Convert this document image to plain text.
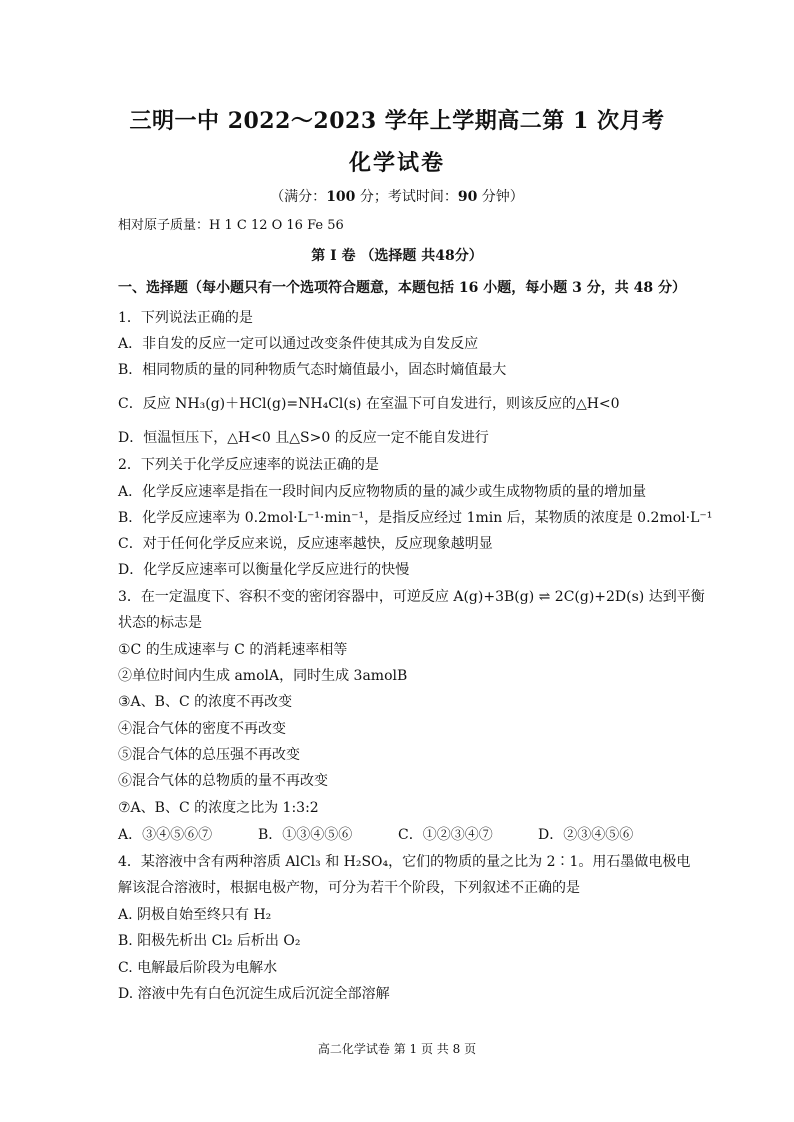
三明一中 2022～2023 学年上学期高二第 1 次月考
化学试卷
（满分：100 分；考试时间：90 分钟）
相对原子质量：H 1 C 12 O 16 Fe 56
第 I 卷 （选择题 共48分）
一、选择题（每小题只有一个选项符合题意，本题包括 16 小题，每小题 3 分，共 48 分）
1．下列说法正确的是
A．非自发的反应一定可以通过改变条件使其成为自发反应
B．相同物质的量的同种物质气态时熵值最小，固态时熵值最大
C．反应 NH₃(g)＋HCl(g)=NH₄Cl(s) 在室温下可自发进行，则该反应的△H<0
D．恒温恒压下，△H<0 且△S>0 的反应一定不能自发进行
2．下列关于化学反应速率的说法正确的是
A．化学反应速率是指在一段时间内反应物物质的量的减少或生成物物质的量的增加量
B．化学反应速率为 0.2mol·L⁻¹·min⁻¹，是指反应经过 1min 后，某物质的浓度是 0.2mol·L⁻¹
C．对于任何化学反应来说，反应速率越快，反应现象越明显
D．化学反应速率可以衡量化学反应进行的快慢
3．在一定温度下、容积不变的密闭容器中，可逆反应 A(g)+3B(g) ⇌ 2C(g)+2D(s) 达到平衡
状态的标志是
①C 的生成速率与 C 的消耗速率相等
②单位时间内生成 amolA，同时生成 3amolB
③A、B、C 的浓度不再改变
④混合气体的密度不再改变
⑤混合气体的总压强不再改变
⑥混合气体的总物质的量不再改变
⑦A、B、C 的浓度之比为 1:3:2
A．③④⑤⑥⑦	B．①③④⑤⑥	C．①②③④⑦	D．②③④⑤⑥
4．某溶液中含有两种溶质 AlCl₃ 和 H₂SO₄，它们的物质的量之比为 2∶1。用石墨做电极电
解该混合溶液时，根据电极产物，可分为若干个阶段，下列叙述不正确的是
A. 阴极自始至终只有 H₂
B. 阳极先析出 Cl₂ 后析出 O₂
C. 电解最后阶段为电解水
D. 溶液中先有白色沉淀生成后沉淀全部溶解
高二化学试卷 第 1 页 共 8 页
